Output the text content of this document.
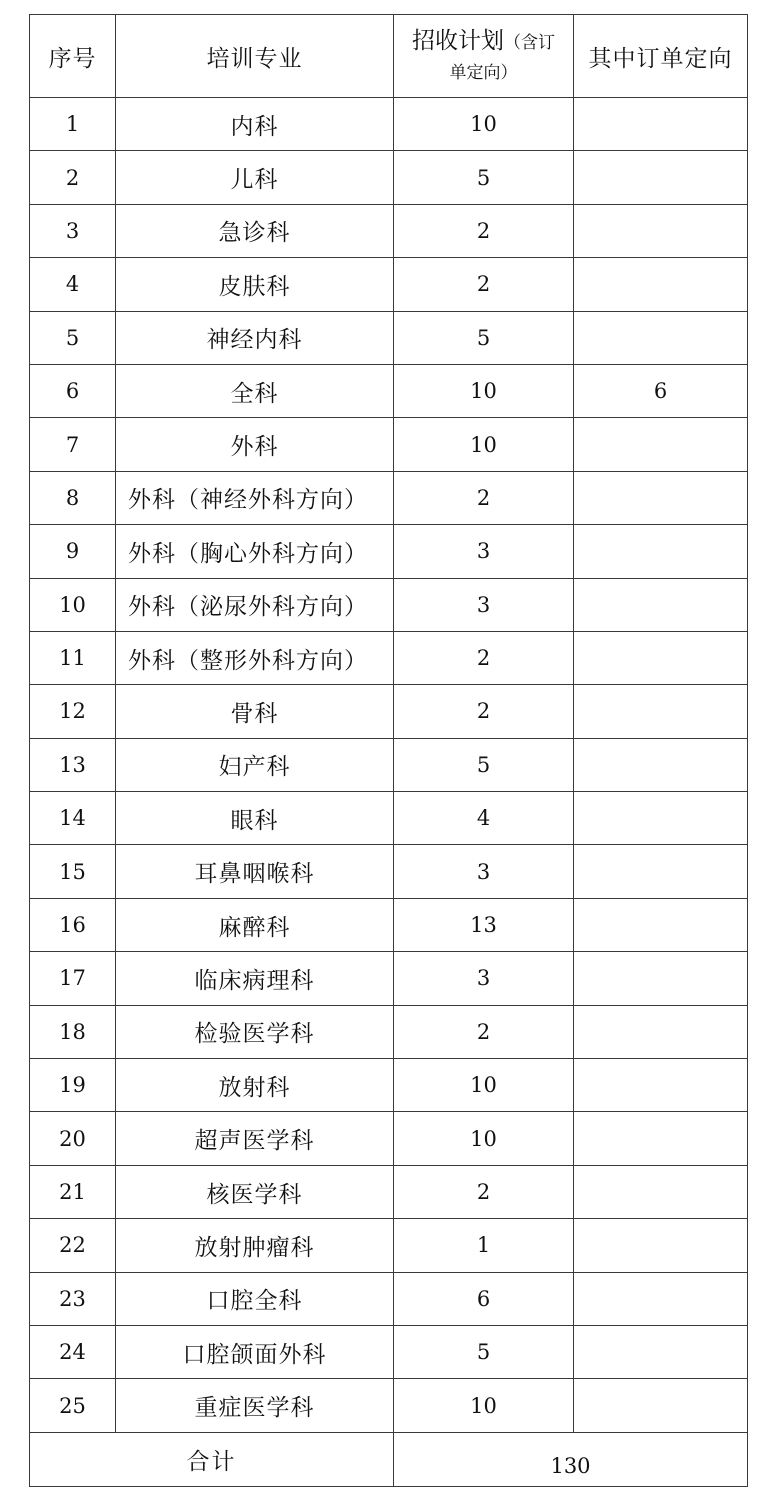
序号	培训专业	招收计划（含订
单定向）	其中订单定向
1	内科	10	
2	儿科	5	
3	急诊科	2	
4	皮肤科	2	
5	神经内科	5	
6	全科	10	6
7	外科	10	
8	外科（神经外科方向）	2	
9	外科（胸心外科方向）	3	
10	外科（泌尿外科方向）	3	
11	外科（整形外科方向）	2	
12	骨科	2	
13	妇产科	5	
14	眼科	4	
15	耳鼻咽喉科	3	
16	麻醉科	13	
17	临床病理科	3	
18	检验医学科	2	
19	放射科	10	
20	超声医学科	10	
21	核医学科	2	
22	放射肿瘤科	1	
23	口腔全科	6	
24	口腔颌面外科	5	
25	重症医学科	10	
合计		130	
